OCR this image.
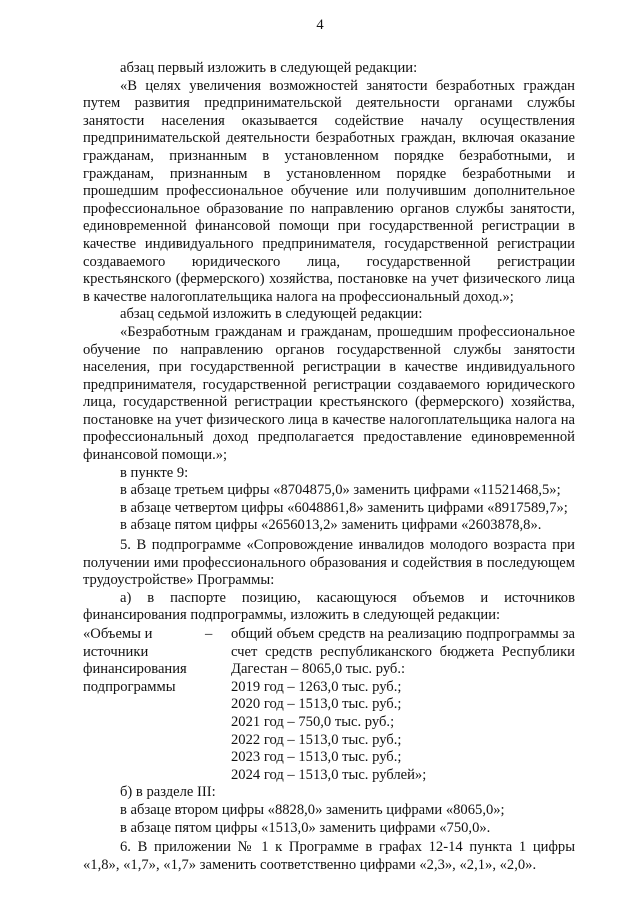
4

абзац первый изложить в следующей редакции:

«В целях увеличения возможностей занятости безработных граждан путем развития предпринимательской деятельности органами службы занятости населения оказывается содействие началу осуществления предпринимательской деятельности безработных граждан, включая оказание гражданам, признанным в установленном порядке безработными, и гражданам, признанным в установленном порядке безработными и прошедшим профессиональное обучение или получившим дополнительное профессиональное образование по направлению органов службы занятости, единовременной финансовой помощи при государственной регистрации в качестве индивидуального предпринимателя, государственной регистрации создаваемого юридического лица, государственной регистрации крестьянского (фермерского) хозяйства, постановке на учет физического лица в качестве налогоплательщика налога на профессиональный доход.»;

абзац седьмой изложить в следующей редакции:

«Безработным гражданам и гражданам, прошедшим профессиональное обучение по направлению органов государственной службы занятости населения, при государственной регистрации в качестве индивидуального предпринимателя, государственной регистрации создаваемого юридического лица, государственной регистрации крестьянского (фермерского) хозяйства, постановке на учет физического лица в качестве налогоплательщика налога на профессиональный доход предполагается предоставление единовременной финансовой помощи.»;

в пункте 9:

в абзаце третьем цифры «8704875,0» заменить цифрами «11521468,5»;

в абзаце четвертом цифры «6048861,8» заменить цифрами «8917589,7»;

в абзаце пятом цифры «2656013,2» заменить цифрами «2603878,8».

5. В подпрограмме «Сопровождение инвалидов молодого возраста при получении ими профессионального образования и содействия в последующем трудоустройстве» Программы:

а) в паспорте позицию, касающуюся объемов и источников финансирования подпрограммы, изложить в следующей редакции:

«Объемы и источники финансирования подпрограммы
–	общий объем средств на реализацию подпрограммы за счет средств республиканского бюджета Республики Дагестан – 8065,0 тыс. руб.:

2019 год – 1263,0 тыс. руб.;

2020 год – 1513,0 тыс. руб.;

2021 год – 750,0 тыс. руб.;

2022 год – 1513,0 тыс. руб.;

2023 год – 1513,0 тыс. руб.;

2024 год – 1513,0 тыс. рублей»;

б) в разделе III:

в абзаце втором цифры «8828,0» заменить цифрами «8065,0»;

в абзаце пятом цифры «1513,0» заменить цифрами «750,0».

6. В приложении № 1 к Программе в графах 12-14 пункта 1 цифры «1,8», «1,7», «1,7» заменить соответственно цифрами «2,3», «2,1», «2,0».
